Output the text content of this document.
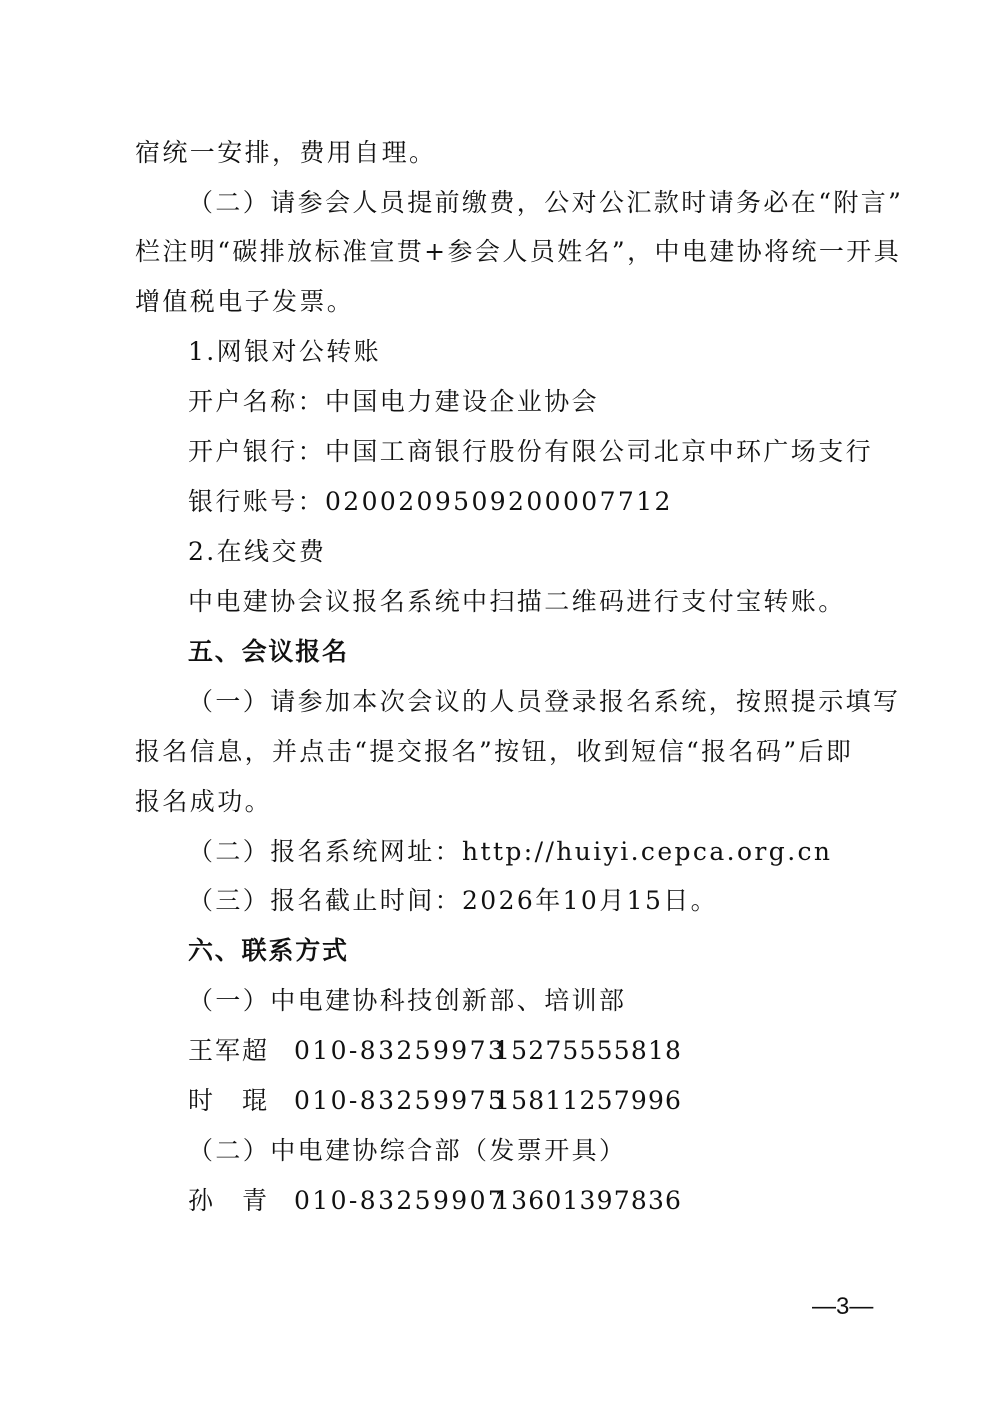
宿统一安排，费用自理。
（二）请参会人员提前缴费，公对公汇款时请务必在“附言”
栏注明“碳排放标准宣贯+参会人员姓名”，中电建协将统一开具
增值税电子发票。
1.网银对公转账
开户名称：中国电力建设企业协会
开户银行：中国工商银行股份有限公司北京中环广场支行
银行账号：0200209509200007712
2.在线交费
中电建协会议报名系统中扫描二维码进行支付宝转账。
五、会议报名
（一）请参加本次会议的人员登录报名系统，按照提示填写
报名信息，并点击“提交报名”按钮，收到短信“报名码”后即
报名成功。
（二）报名系统网址：http://huiyi.cepca.org.cn
（三）报名截止时间：2026年10月15日。
六、联系方式
（一）中电建协科技创新部、培训部
王军超 010-83259973
15275555818
时　琨 010-83259975
15811257996
（二）中电建协综合部（发票开具）
孙　青 010-83259907
13601397836
—3—
